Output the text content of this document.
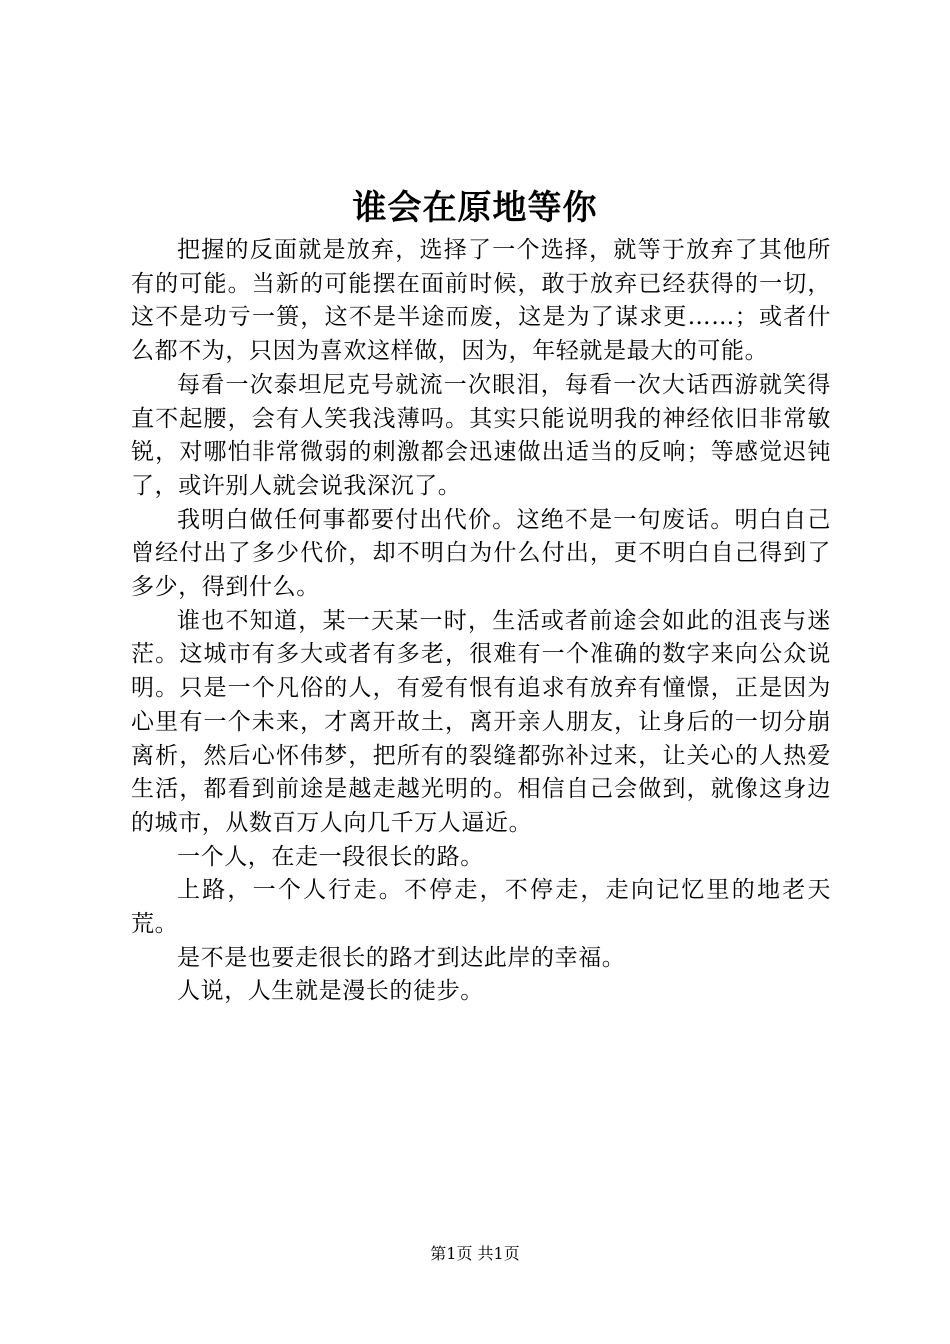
谁会在原地等你

把握的反面就是放弃，选择了一个选择，就等于放弃了其他所有的可能。当新的可能摆在面前时候，敢于放弃已经获得的一切，这不是功亏一篑，这不是半途而废，这是为了谋求更……；或者什么都不为，只因为喜欢这样做，因为，年轻就是最大的可能。

每看一次泰坦尼克号就流一次眼泪，每看一次大话西游就笑得直不起腰，会有人笑我浅薄吗。其实只能说明我的神经依旧非常敏锐，对哪怕非常微弱的刺激都会迅速做出适当的反响；等感觉迟钝了，或许别人就会说我深沉了。

我明白做任何事都要付出代价。这绝不是一句废话。明白自己曾经付出了多少代价，却不明白为什么付出，更不明白自己得到了多少，得到什么。

谁也不知道，某一天某一时，生活或者前途会如此的沮丧与迷茫。这城市有多大或者有多老，很难有一个准确的数字来向公众说明。只是一个凡俗的人，有爱有恨有追求有放弃有憧憬，正是因为心里有一个未来，才离开故土，离开亲人朋友，让身后的一切分崩离析，然后心怀伟梦，把所有的裂缝都弥补过来，让关心的人热爱生活，都看到前途是越走越光明的。相信自己会做到，就像这身边的城市，从数百万人向几千万人逼近。

一个人，在走一段很长的路。

上路，一个人行走。不停走，不停走，走向记忆里的地老天荒。

是不是也要走很长的路才到达此岸的幸福。

人说，人生就是漫长的徒步。

第1页 共1页
